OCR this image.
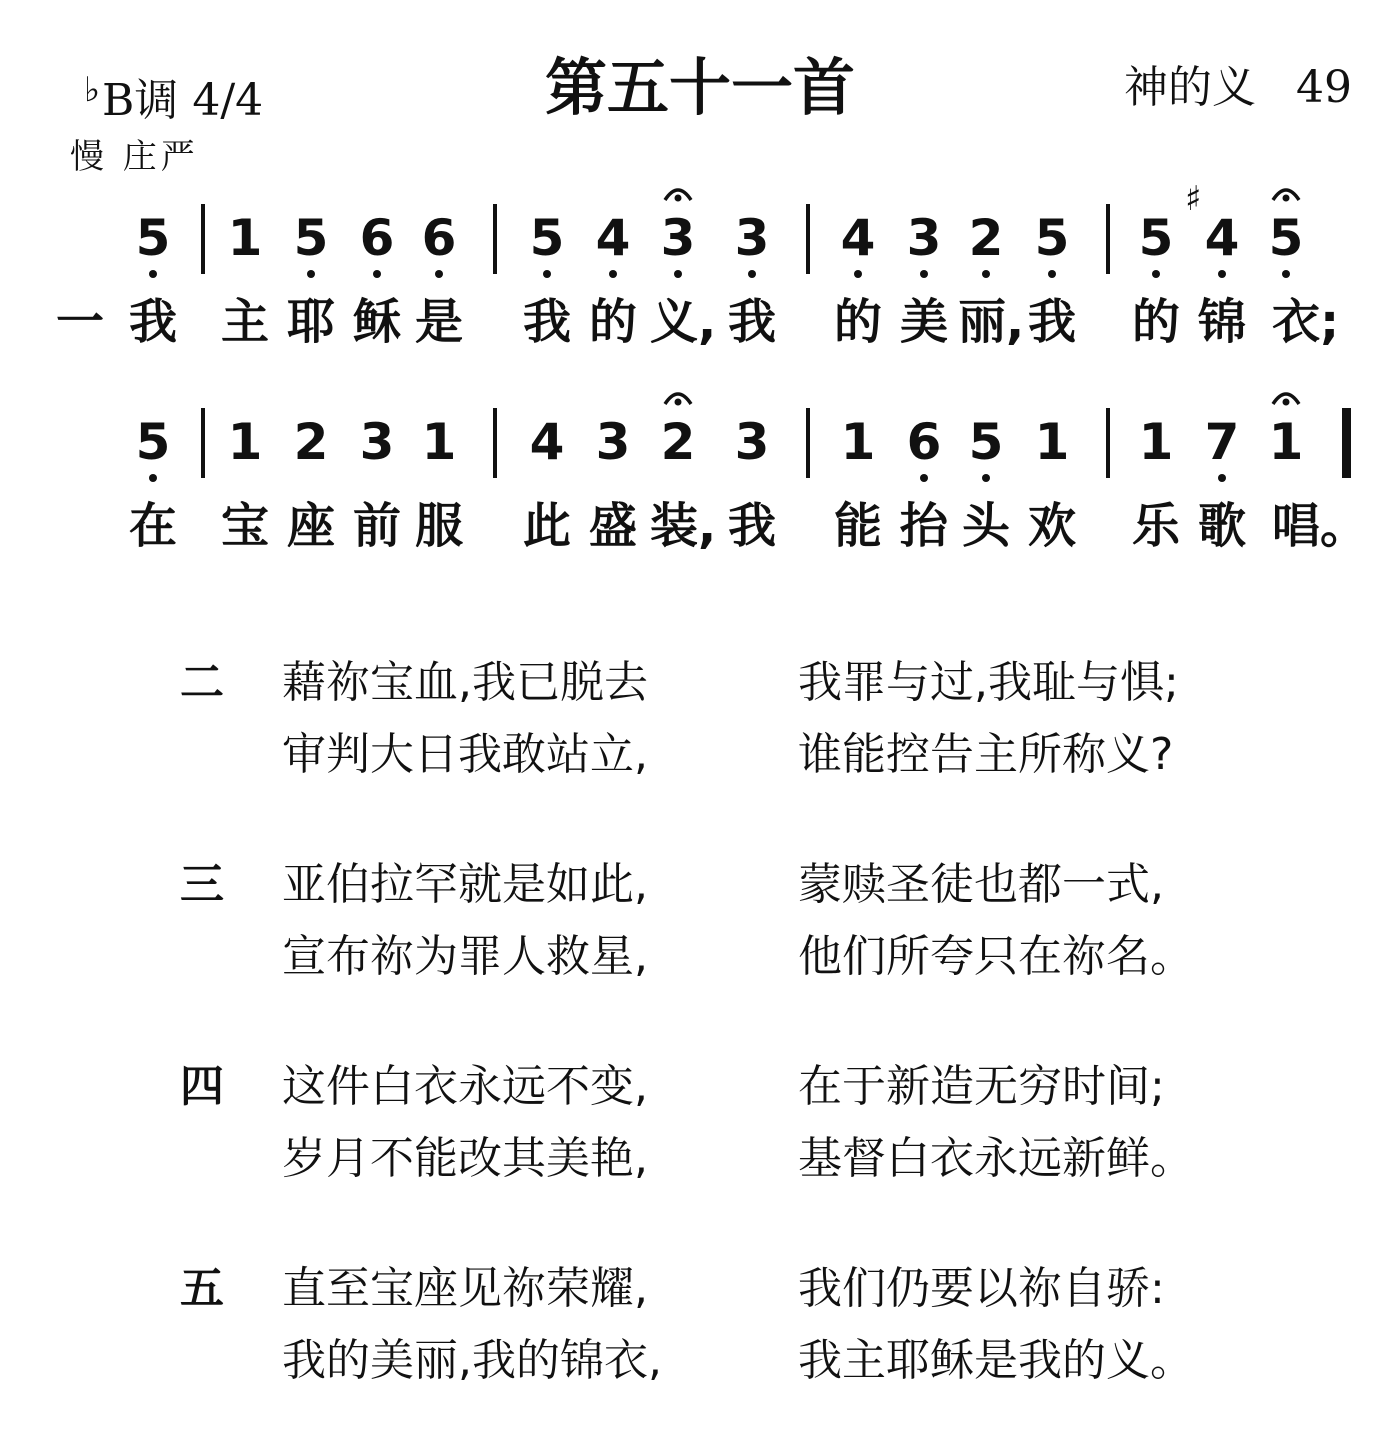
♭B调 4/4	第五十一首	神的义 49
慢 庄严
5 1 5 6 6 5 4 3 3 4 3 2 5 5 4
♯
5
一 我 主 耶 稣 是 我 的 义, 我 的 美 丽, 我 的 锦 衣;
5 1 2 3 1 4 3 2 3 1 6 5 1 1 7 1
在 宝 座 前 服 此 盛 装, 我 能 抬 头 欢 乐 歌 唱。
二 藉祢宝血,我已脱去	我罪与过,我耻与惧;
审判大日我敢站立,	谁能控告主所称义?
三 亚伯拉罕就是如此,	蒙赎圣徒也都一式,
宣布祢为罪人救星,	他们所夸只在祢名。
四 这件白衣永远不变,	在于新造无穷时间;
岁月不能改其美艳,	基督白衣永远新鲜。
五 直至宝座见祢荣耀,	我们仍要以祢自骄:
我的美丽,我的锦衣,	我主耶稣是我的义。
